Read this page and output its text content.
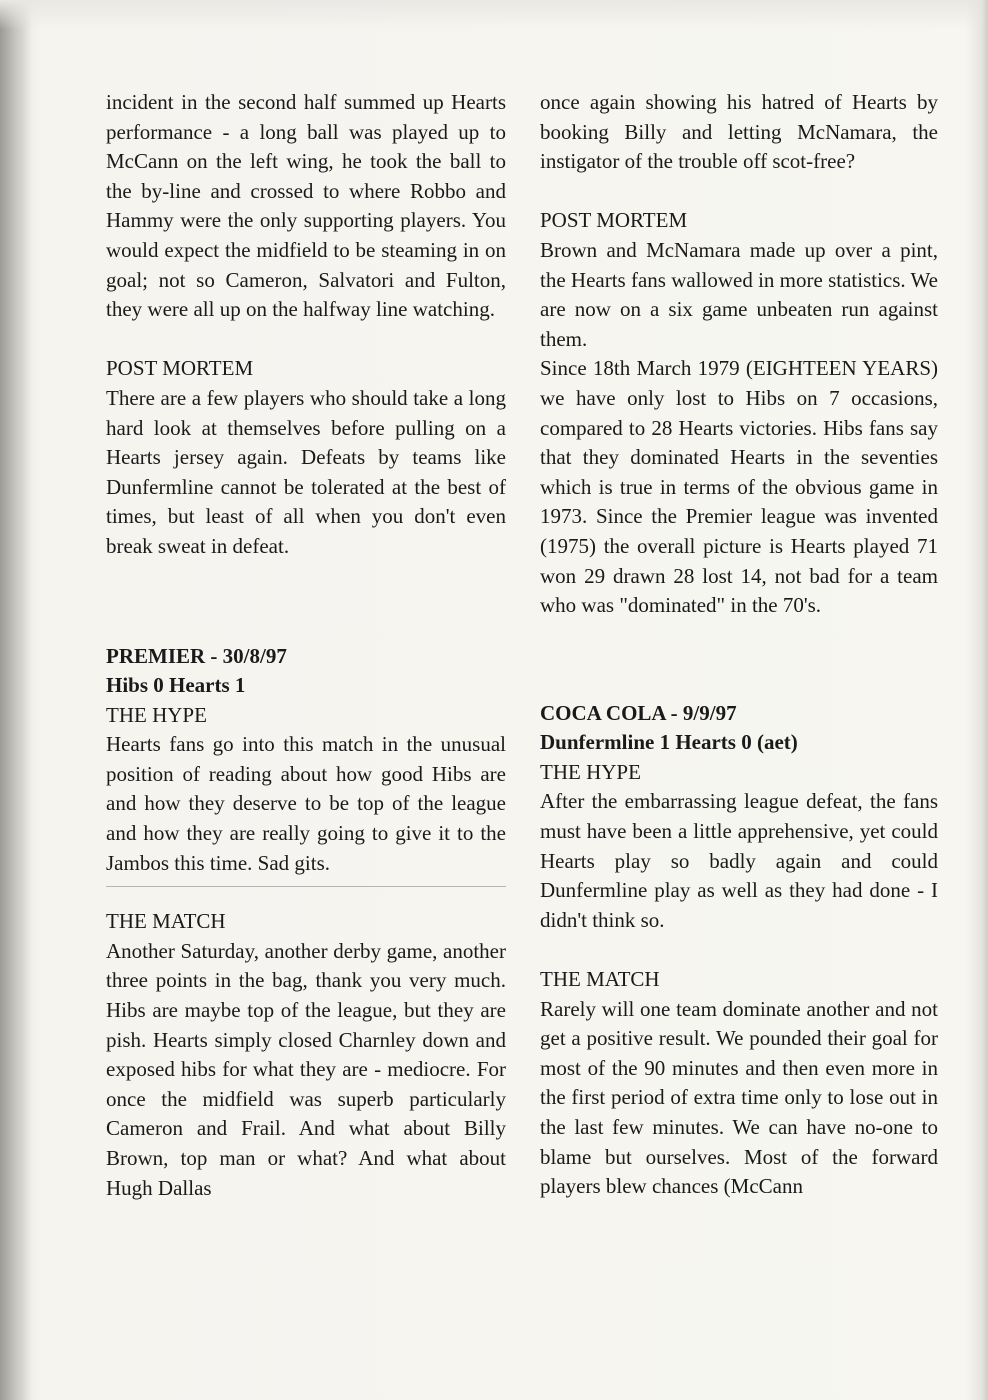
incident in the second half summed up Hearts performance - a long ball was played up to McCann on the left wing, he took the ball to the by-line and crossed to where Robbo and Hammy were the only supporting players. You would expect the midfield to be steaming in on goal; not so Cameron, Salvatori and Fulton, they were all up on the halfway line watching.

POST MORTEM

There are a few players who should take a long hard look at themselves before pulling on a Hearts jersey again. Defeats by teams like Dunfermline cannot be tolerated at the best of times, but least of all when you don't even break sweat in defeat.

PREMIER - 30/8/97

Hibs 0 Hearts 1

THE HYPE

Hearts fans go into this match in the unusual position of reading about how good Hibs are and how they deserve to be top of the league and how they are really going to give it to the Jambos this time. Sad gits.

THE MATCH

Another Saturday, another derby game, another three points in the bag, thank you very much. Hibs are maybe top of the league, but they are pish. Hearts simply closed Charnley down and exposed hibs for what they are - mediocre. For once the midfield was superb particularly Cameron and Frail. And what about Billy Brown, top man or what? And what about Hugh Dallas

once again showing his hatred of Hearts by booking Billy and letting McNamara, the instigator of the trouble off scot-free?

POST MORTEM

Brown and McNamara made up over a pint, the Hearts fans wallowed in more statistics. We are now on a six game unbeaten run against them.

Since 18th March 1979 (EIGHTEEN YEARS) we have only lost to Hibs on 7 occasions, compared to 28 Hearts victories. Hibs fans say that they dominated Hearts in the seventies which is true in terms of the obvious game in 1973. Since the Premier league was invented (1975) the overall picture is Hearts played 71 won 29 drawn 28 lost 14, not bad for a team who was "dominated" in the 70's.

COCA COLA - 9/9/97

Dunfermline 1 Hearts 0 (aet)

THE HYPE

After the embarrassing league defeat, the fans must have been a little apprehensive, yet could Hearts play so badly again and could Dunfermline play as well as they had done - I didn't think so.

THE MATCH

Rarely will one team dominate another and not get a positive result. We pounded their goal for most of the 90 minutes and then even more in the first period of extra time only to lose out in the last few minutes. We can have no-one to blame but ourselves. Most of the forward players blew chances (McCann
